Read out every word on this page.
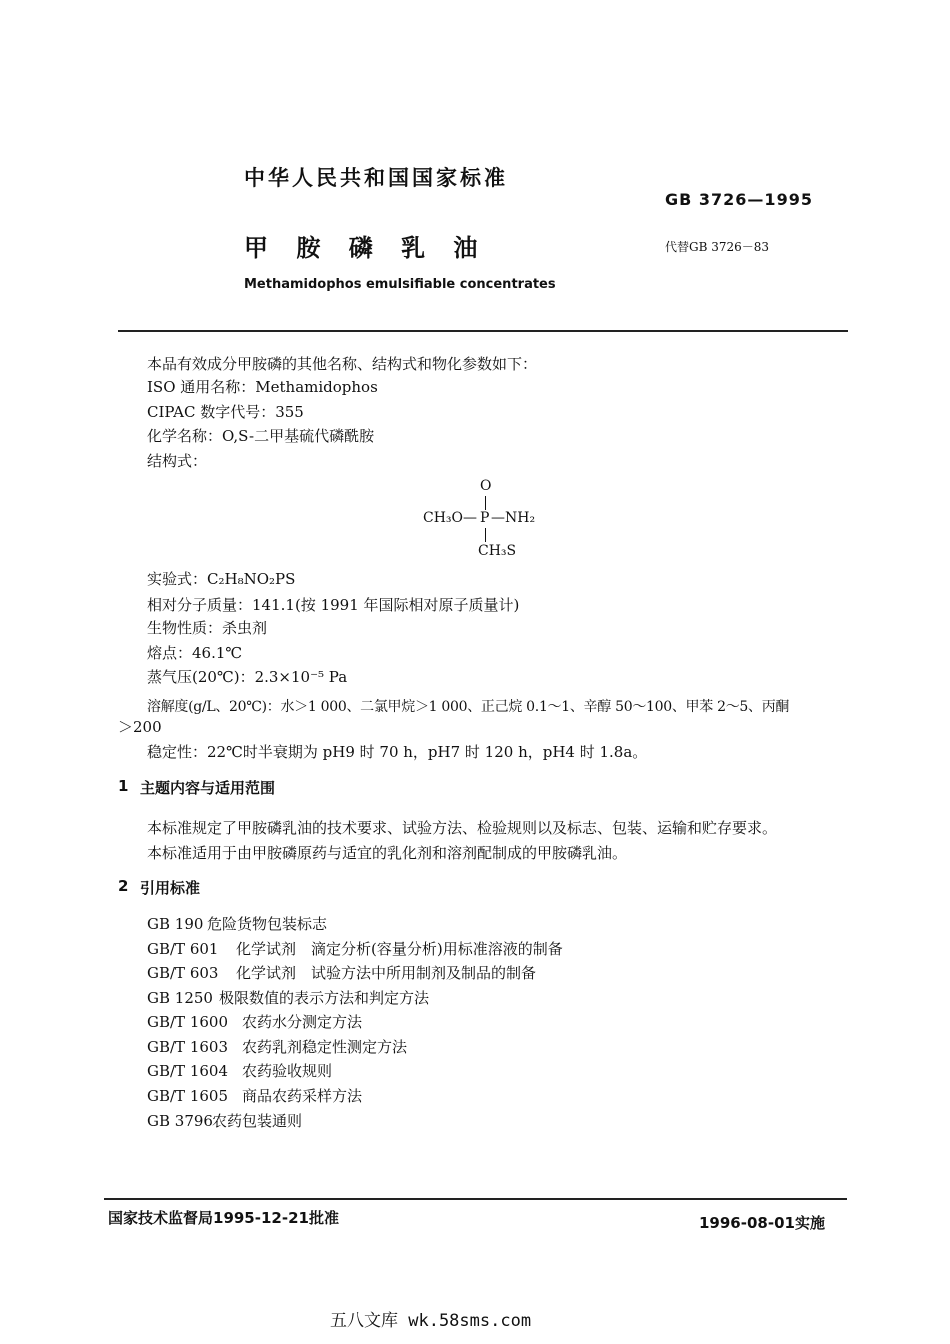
中华人民共和国国家标准
GB 3726—1995
甲 胺 磷 乳 油	代替GB 3726－83
Methamidophos emulsifiable concentrates
本品有效成分甲胺磷的其他名称、结构式和物化参数如下：
ISO 通用名称：Methamidophos
CIPAC 数字代号：355
化学名称：O,S-二甲基硫代磷酰胺
结构式：
O
CH₃O— P —NH₂
CH₃S
实验式：C₂H₈NO₂PS
相对分子质量：141.1(按 1991 年国际相对原子质量计)
生物性质：杀虫剂
熔点：46.1℃
蒸气压(20℃)：2.3×10⁻⁵ Pa
溶解度(g/L、20℃)：水＞1 000、二氯甲烷＞1 000、正己烷 0.1～1、辛醇 50～100、甲苯 2～5、丙酮
＞200
稳定性：22℃时半衰期为 pH9 时 70 h，pH7 时 120 h，pH4 时 1.8a。
1 主题内容与适用范围
本标准规定了甲胺磷乳油的技术要求、试验方法、检验规则以及标志、包装、运输和贮存要求。
本标准适用于由甲胺磷原药与适宜的乳化剂和溶剂配制成的甲胺磷乳油。
2 引用标准
GB 190 危险货物包装标志
GB/T 601 化学试剂　滴定分析(容量分析)用标准溶液的制备
GB/T 603 化学试剂　试验方法中所用制剂及制品的制备
GB 1250 极限数值的表示方法和判定方法
GB/T 1600 农药水分测定方法
GB/T 1603 农药乳剂稳定性测定方法
GB/T 1604 农药验收规则
GB/T 1605 商品农药采样方法
GB 3796农药包装通则
国家技术监督局1995-12-21批准	1996-08-01实施
五八文库 wk.58sms.com
